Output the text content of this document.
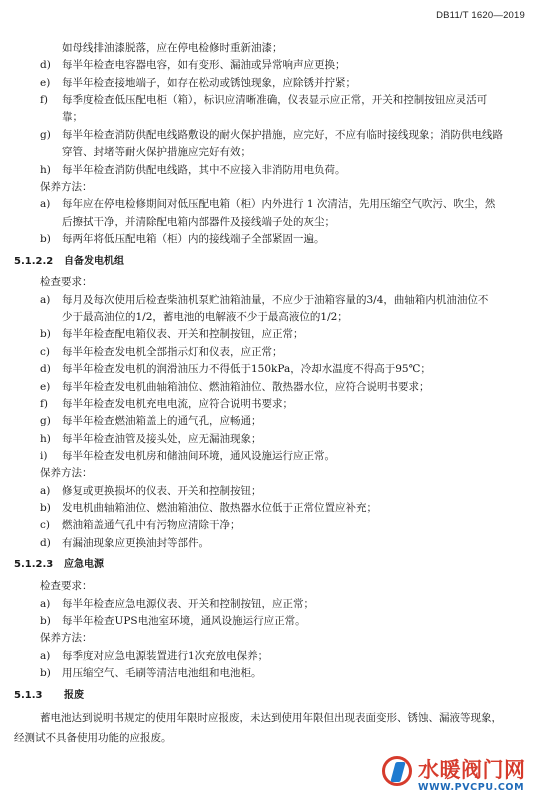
DB11/T 1620—2019
如母线排油漆脱落，应在停电检修时重新油漆；
d) 每半年检查电容器电容，如有变形、漏油或异常响声应更换；
e) 每半年检查接地端子，如存在松动或锈蚀现象，应除锈并拧紧；
f) 每季度检查低压配电柜（箱），标识应清晰准确，仪表显示应正常，开关和控制按钮应灵活可
靠；
g) 每半年检查消防供配电线路敷设的耐火保护措施，应完好，不应有临时接线现象；消防供电线路
穿管、封堵等耐火保护措施应完好有效；
h) 每半年检查消防供配电线路，其中不应接入非消防用电负荷。
保养方法：
a) 每年应在停电检修期间对低压配电箱（柜）内外进行 1 次清洁，先用压缩空气吹污、吹尘，然
后擦拭干净，并清除配电箱内部器件及接线端子处的灰尘；
b) 每两年将低压配电箱（柜）内的接线端子全部紧固一遍。
5.1.2.2 自备发电机组
检查要求：
a) 每月及每次使用后检查柴油机泵贮油箱油量，不应少于油箱容量的3/4，曲轴箱内机油油位不
少于最高油位的1/2，蓄电池的电解液不少于最高液位的1/2；
b) 每半年检查配电箱仪表、开关和控制按钮，应正常；
c) 每半年检查发电机全部指示灯和仪表，应正常；
d) 每半年检查发电机的润滑油压力不得低于150kPa，冷却水温度不得高于95℃；
e) 每半年检查发电机曲轴箱油位、燃油箱油位、散热器水位，应符合说明书要求；
f) 每半年检查发电机充电电流，应符合说明书要求；
g) 每半年检查燃油箱盖上的通气孔，应畅通；
h) 每半年检查油管及接头处，应无漏油现象；
i) 每半年检查发电机房和储油间环境，通风设施运行应正常。
保养方法：
a) 修复或更换损坏的仪表、开关和控制按钮；
b) 发电机曲轴箱油位、燃油箱油位、散热器水位低于正常位置应补充；
c) 燃油箱盖通气孔中有污物应清除干净；
d) 有漏油现象应更换油封等部件。
5.1.2.3 应急电源
检查要求：
a) 每半年检查应急电源仪表、开关和控制按钮，应正常；
b) 每半年检查UPS电池室环境，通风设施运行应正常。
保养方法：
a) 每季度对应急电源装置进行1次充放电保养；
b) 用压缩空气、毛刷等清洁电池组和电池柜。
5.1.3 报废
蓄电池达到说明书规定的使用年限时应报废，未达到使用年限但出现表面变形、锈蚀、漏液等现象，
经测试不具备使用功能的应报废。
水暖阀门网
WWW.PVCPU.COM
